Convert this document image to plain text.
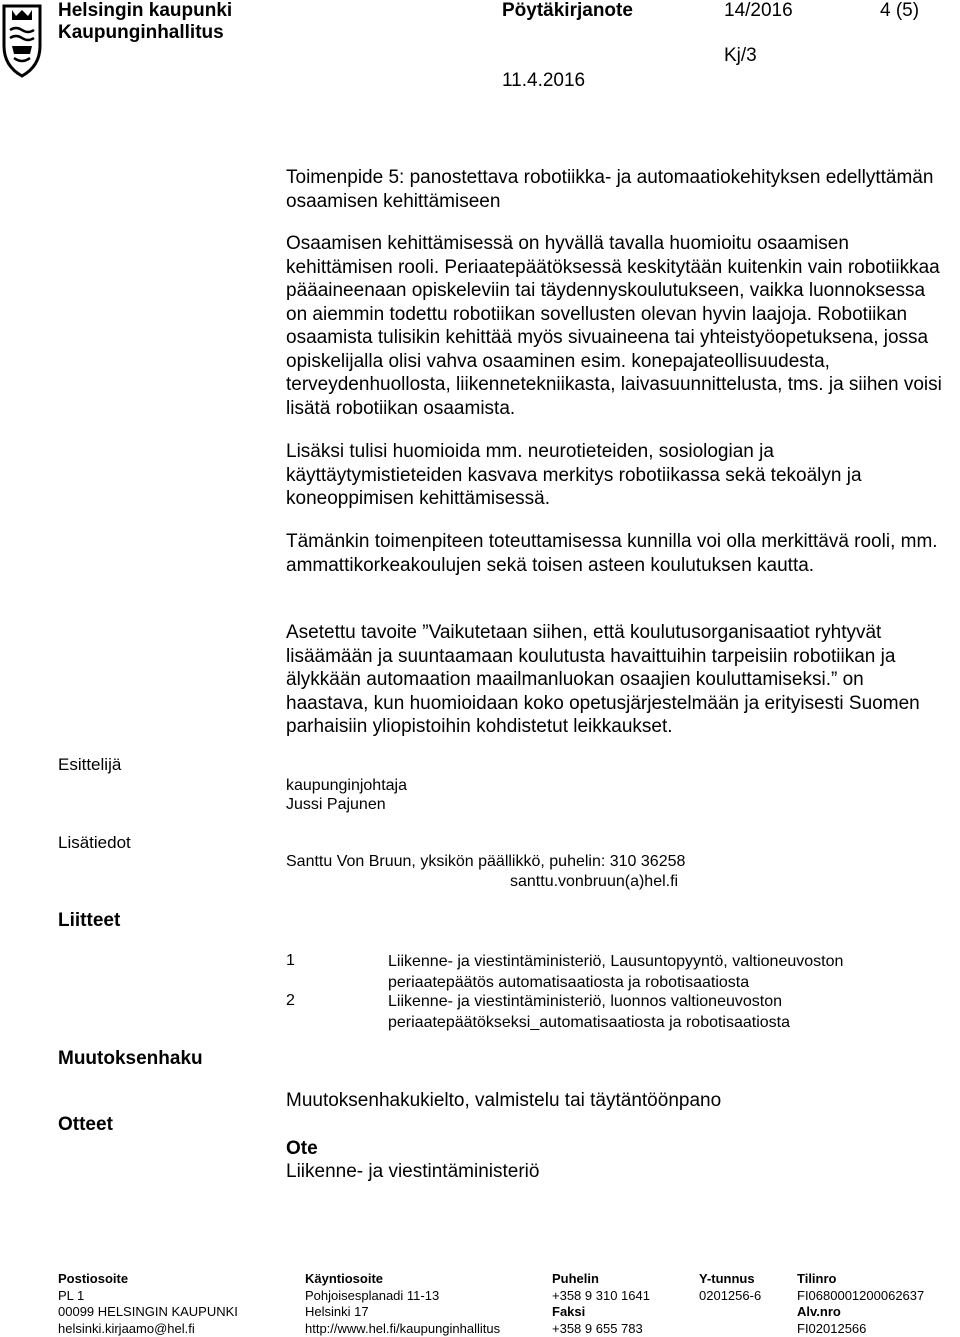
Helsingin kaupunki
Kaupunginhallitus
Pöytäkirjanote	14/2016	4 (5)
Kj/3
11.4.2016

Toimenpide 5: panostettava robotiikka- ja automaatiokehityksen edellyttämän osaamisen kehittämiseen

Osaamisen kehittämisessä on hyvällä tavalla huomioitu osaamisen kehittämisen rooli. Periaatepäätöksessä keskitytään kuitenkin vain robotiikkaa pääaineenaan opiskeleviin tai täydennyskoulutukseen, vaikka luonnoksessa on aiemmin todettu robotiikan sovellusten olevan hyvin laajoja. Robotiikan osaamista tulisikin kehittää myös sivuaineena tai yhteistyöopetuksena, jossa opiskelijalla olisi vahva osaaminen esim. konepajateollisuudesta, terveydenhuollosta, liikennetekniikasta, laivasuunnittelusta, tms. ja siihen voisi lisätä robotiikan osaamista.

Lisäksi tulisi huomioida mm. neurotieteiden, sosiologian ja käyttäytymistieteiden kasvava merkitys robotiikassa sekä tekoälyn ja koneoppimisen kehittämisessä.

Tämänkin toimenpiteen toteuttamisessa kunnilla voi olla merkittävä rooli, mm. ammattikorkeakoulujen sekä toisen asteen koulutuksen kautta.

Asetettu tavoite ”Vaikutetaan siihen, että koulutusorganisaatiot ryhtyvät lisäämään ja suuntaamaan koulutusta havaittuihin tarpeisiin robotiikan ja älykkään automaation maailmanluokan osaajien kouluttamiseksi.” on haastava, kun huomioidaan koko opetusjärjestelmään ja erityisesti Suomen parhaisiin yliopistoihin kohdistetut leikkaukset.

Esittelijä
kaupunginjohtaja
Jussi Pajunen
Lisätiedot
Santtu Von Bruun, yksikön päällikkö, puhelin: 310 36258
santtu.vonbruun(a)hel.fi
Liitteet
1	Liikenne- ja viestintäministeriö, Lausuntopyyntö, valtioneuvoston periaatepäätös automatisaatiosta ja robotisaatiosta
2	Liikenne- ja viestintäministeriö, luonnos valtioneuvoston periaatepäätökseksi_automatisaatiosta ja robotisaatiosta
Muutoksenhaku
Muutoksenhakukielto, valmistelu tai täytäntöönpano
Otteet
Ote
Liikenne- ja viestintäministeriö
Postiosoite
PL 1
00099 HELSINGIN KAUPUNKI
helsinki.kirjaamo@hel.fi
Käyntiosoite
Pohjoisesplanadi 11-13
Helsinki 17
http://www.hel.fi/kaupunginhallitus
Puhelin
+358 9 310 1641
Faksi
+358 9 655 783
Y-tunnus
0201256-6
Tilinro
FI0680001200062637
Alv.nro
FI02012566
